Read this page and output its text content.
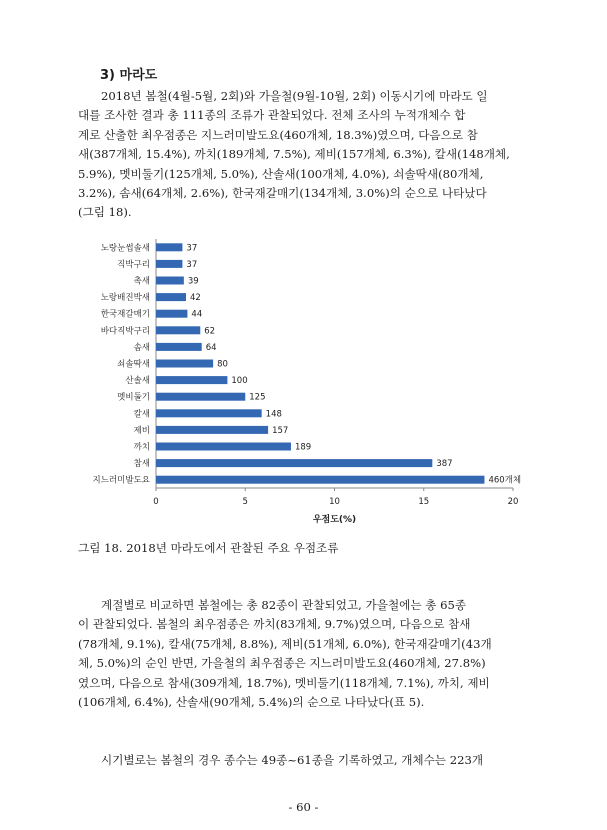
3) 마라도

2018년 봄철(4월-5월, 2회)와 가을철(9월-10월, 2회) 이동시기에 마라도 일
대를 조사한 결과 총 111종의 조류가 관찰되었다. 전체 조사의 누적개체수 합
계로 산출한 최우점종은 지느러미발도요(460개체, 18.3%)였으며, 다음으로 참
새(387개체, 15.4%), 까치(189개체, 7.5%), 제비(157개체, 6.3%), 칼새(148개체,
5.9%), 멧비둘기(125개체, 5.0%), 산솔새(100개체, 4.0%), 쇠솔딱새(80개체,
3.2%), 솜새(64개체, 2.6%), 한국재갈매기(134개체, 3.0%)의 순으로 나타났다
(그림 18).

노랑눈썹솔새	37
직박구리	37
촉새	39
노랑배진박새	42
한국재갈매기	44
바다직박구리	62
솜새	64
쇠솔딱새	80
산솔새	100
멧비둘기	125
칼새	148
제비	157
까치	189
참새	387
지느러미발도요	460개체
0	5	10	15	20
우점도(%)
그림 18. 2018년 마라도에서 관찰된 주요 우점조류

계절별로 비교하면 봄철에는 총 82종이 관찰되었고, 가을철에는 총 65종
이 관찰되었다. 봄철의 최우점종은 까치(83개체, 9.7%)였으며, 다음으로 참새
(78개체, 9.1%), 칼새(75개체, 8.8%), 제비(51개체, 6.0%), 한국재갈매기(43개
체, 5.0%)의 순인 반면, 가을철의 최우점종은 지느러미발도요(460개체, 27.8%)
였으며, 다음으로 참새(309개체, 18.7%), 멧비둘기(118개체, 7.1%), 까치, 제비
(106개체, 6.4%), 산솔새(90개체, 5.4%)의 순으로 나타났다(표 5).

시기별로는 봄철의 경우 종수는 49종~61종을 기록하였고, 개체수는 223개

- 60 -
